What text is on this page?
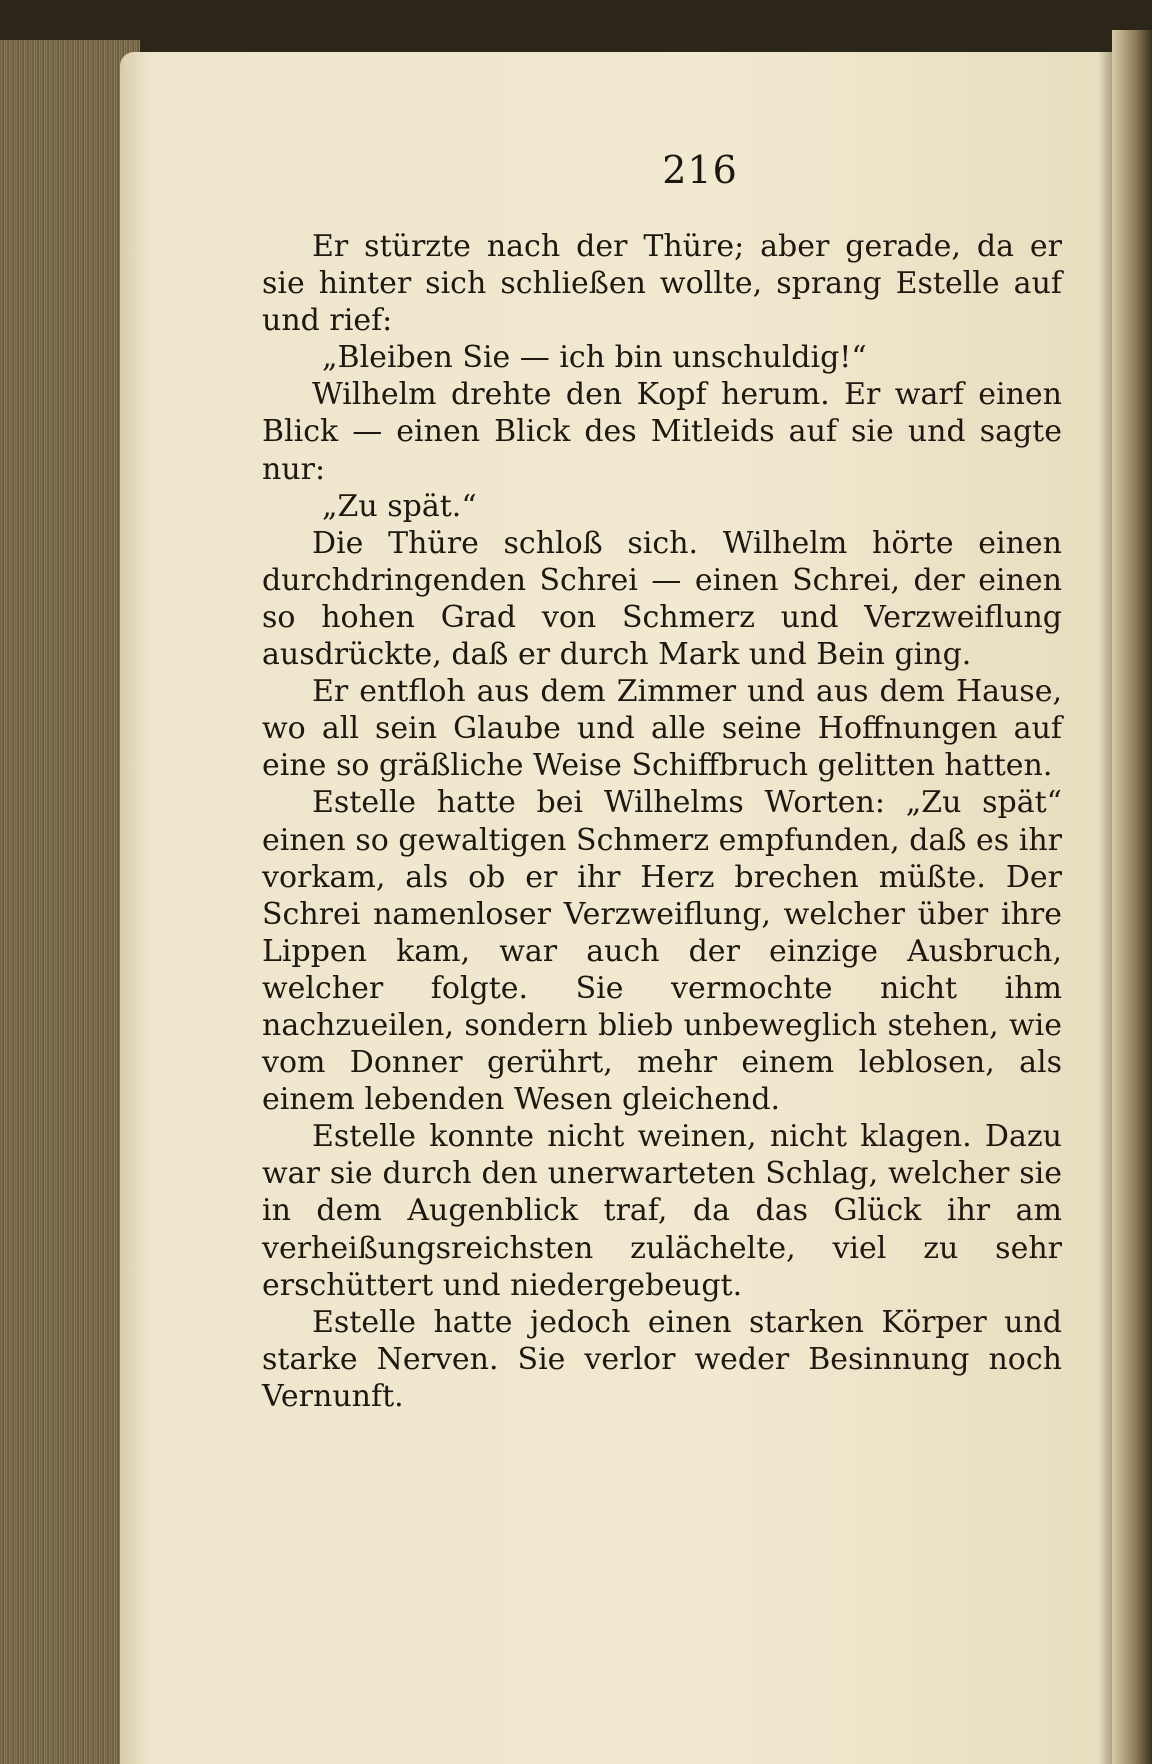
216

Er stürzte nach der Thüre; aber gerade, da er sie hinter sich schließen wollte, sprang Estelle auf und rief:

„Bleiben Sie — ich bin unschuldig!“

Wilhelm drehte den Kopf herum. Er warf einen Blick — einen Blick des Mitleids auf sie und sagte nur:

„Zu spät.“

Die Thüre schloß sich. Wilhelm hörte einen durchdringenden Schrei — einen Schrei, der einen so hohen Grad von Schmerz und Verzweiflung ausdrückte, daß er durch Mark und Bein ging.

Er entfloh aus dem Zimmer und aus dem Hause, wo all sein Glaube und alle seine Hoffnungen auf eine so gräßliche Weise Schiffbruch gelitten hatten.

Estelle hatte bei Wilhelms Worten: „Zu spät“ einen so gewaltigen Schmerz empfunden, daß es ihr vorkam, als ob er ihr Herz brechen müßte. Der Schrei namenloser Verzweiflung, welcher über ihre Lippen kam, war auch der einzige Ausbruch, welcher folgte. Sie vermochte nicht ihm nachzueilen, sondern blieb unbeweglich stehen, wie vom Donner gerührt, mehr einem leblosen, als einem lebenden Wesen gleichend.

Estelle konnte nicht weinen, nicht klagen. Dazu war sie durch den unerwarteten Schlag, welcher sie in dem Augenblick traf, da das Glück ihr am verheißungsreichsten zulächelte, viel zu sehr erschüttert und niedergebeugt.

Estelle hatte jedoch einen starken Körper und starke Nerven. Sie verlor weder Besinnung noch Vernunft.
